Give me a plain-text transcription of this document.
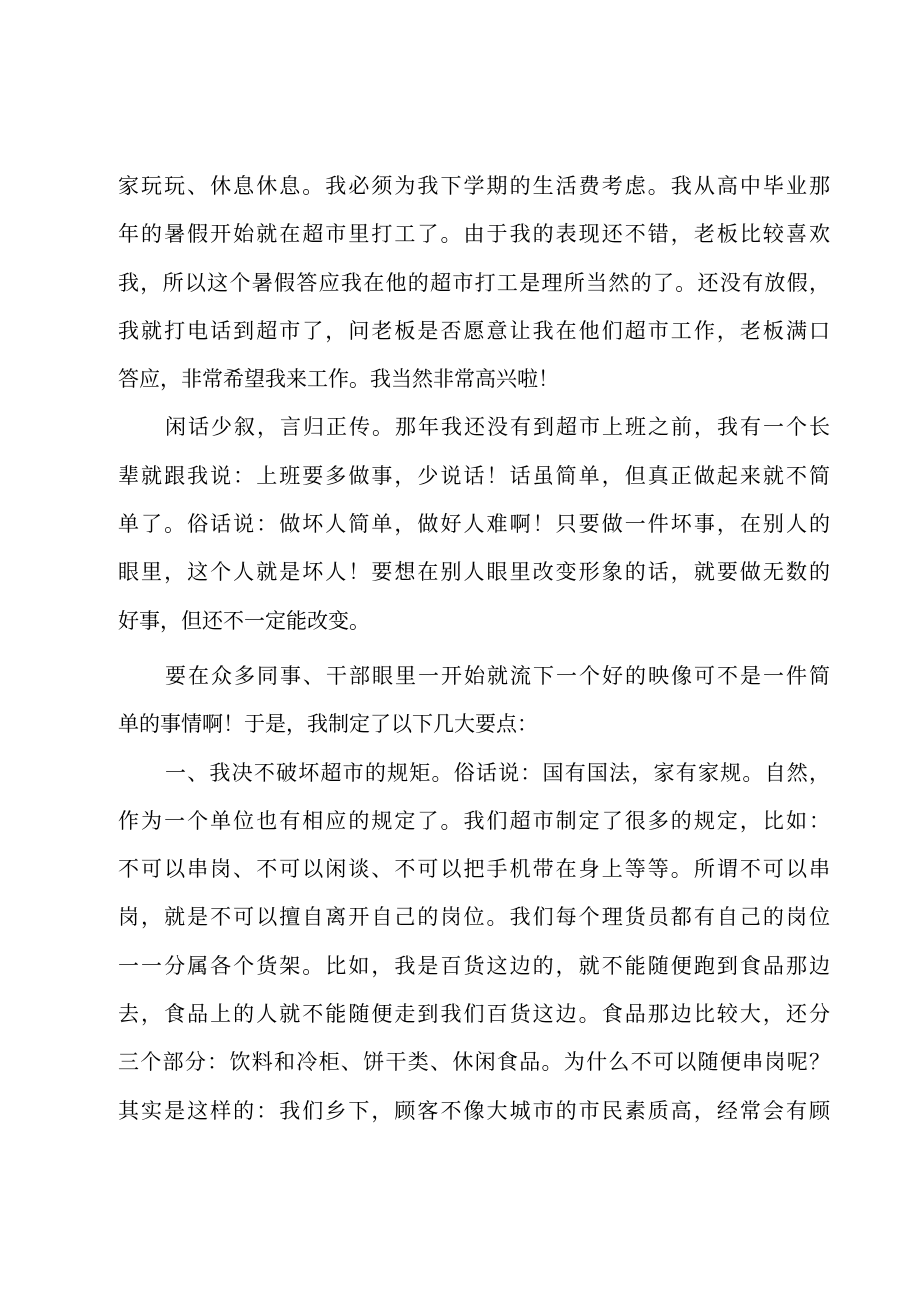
家玩玩、休息休息。我必须为我下学期的生活费考虑。我从高中毕业那
年的暑假开始就在超市里打工了。由于我的表现还不错，老板比较喜欢
我，所以这个暑假答应我在他的超市打工是理所当然的了。还没有放假，
我就打电话到超市了，问老板是否愿意让我在他们超市工作，老板满口
答应，非常希望我来工作。我当然非常高兴啦！
闲话少叙，言归正传。那年我还没有到超市上班之前，我有一个长
辈就跟我说：上班要多做事，少说话！话虽简单，但真正做起来就不简
单了。俗话说：做坏人简单，做好人难啊！只要做一件坏事，在别人的
眼里，这个人就是坏人！要想在别人眼里改变形象的话，就要做无数的
好事，但还不一定能改变。
要在众多同事、干部眼里一开始就流下一个好的映像可不是一件简
单的事情啊！于是，我制定了以下几大要点：
一、我决不破坏超市的规矩。俗话说：国有国法，家有家规。自然，
作为一个单位也有相应的规定了。我们超市制定了很多的规定，比如：
不可以串岗、不可以闲谈、不可以把手机带在身上等等。所谓不可以串
岗，就是不可以擅自离开自己的岗位。我们每个理货员都有自己的岗位
一一分属各个货架。比如，我是百货这边的，就不能随便跑到食品那边
去，食品上的人就不能随便走到我们百货这边。食品那边比较大，还分
三个部分：饮料和冷柜、饼干类、休闲食品。为什么不可以随便串岗呢？
其实是这样的：我们乡下，顾客不像大城市的市民素质高，经常会有顾
